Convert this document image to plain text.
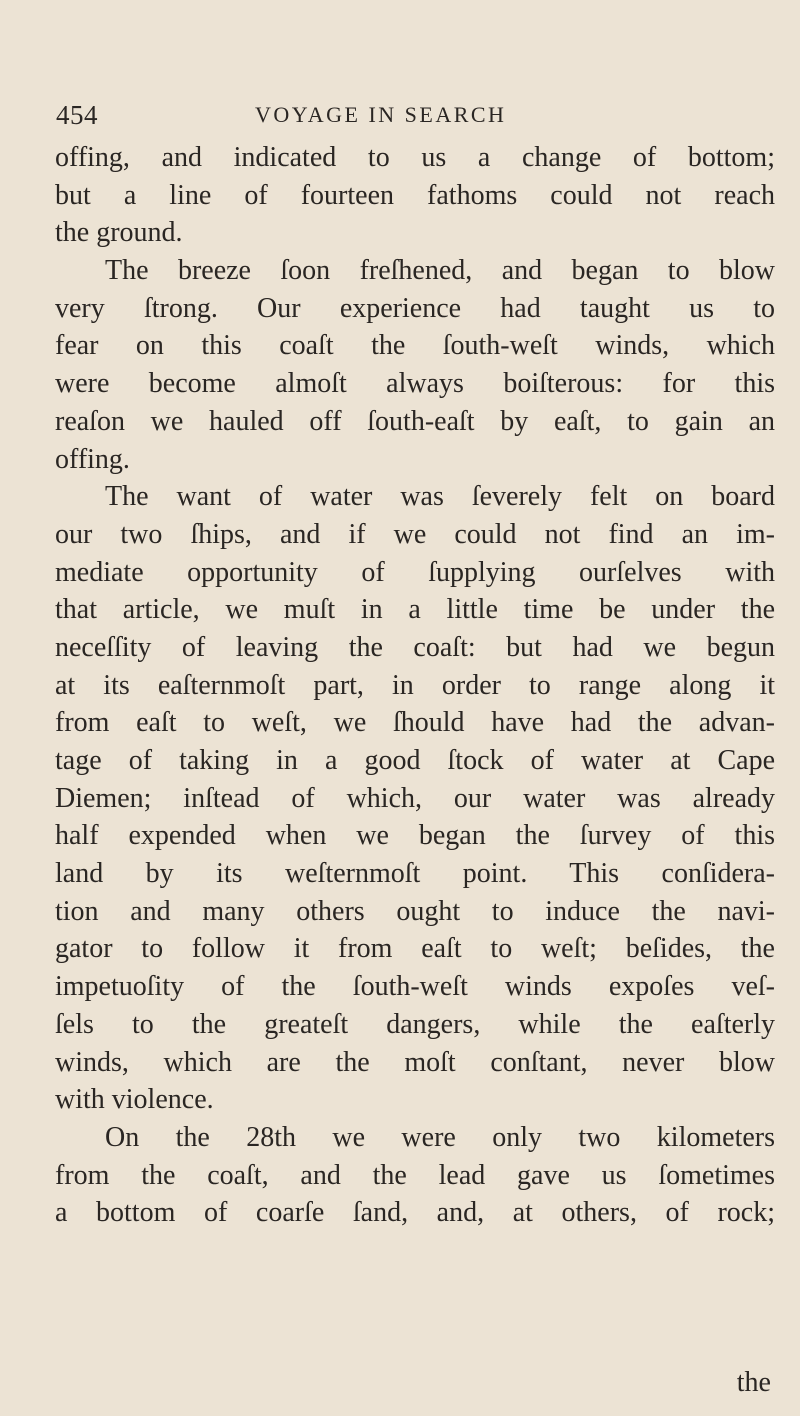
454	VOYAGE IN SEARCH
offing, and indicated to us a change of bottom;
but a line of fourteen fathoms could not reach
the ground.
The breeze ſoon freſhened, and began to blow
very ſtrong. Our experience had taught us to
fear on this coaſt the ſouth-weſt winds, which
were become almoſt always boiſterous: for this
reaſon we hauled off ſouth-eaſt by eaſt, to gain an
offing.
The want of water was ſeverely felt on board
our two ſhips, and if we could not find an im-
mediate opportunity of ſupplying ourſelves with
that article, we muſt in a little time be under the
neceſſity of leaving the coaſt: but had we begun
at its eaſternmoſt part, in order to range along it
from eaſt to weſt, we ſhould have had the advan-
tage of taking in a good ſtock of water at Cape
Diemen; inſtead of which, our water was already
half expended when we began the ſurvey of this
land by its weſternmoſt point. This conſidera-
tion and many others ought to induce the navi-
gator to follow it from eaſt to weſt; beſides, the
impetuoſity of the ſouth-weſt winds expoſes veſ-
ſels to the greateſt dangers, while the eaſterly
winds, which are the moſt conſtant, never blow
with violence.
On the 28th we were only two kilometers
from the coaſt, and the lead gave us ſometimes
a bottom of coarſe ſand, and, at others, of rock;
the
